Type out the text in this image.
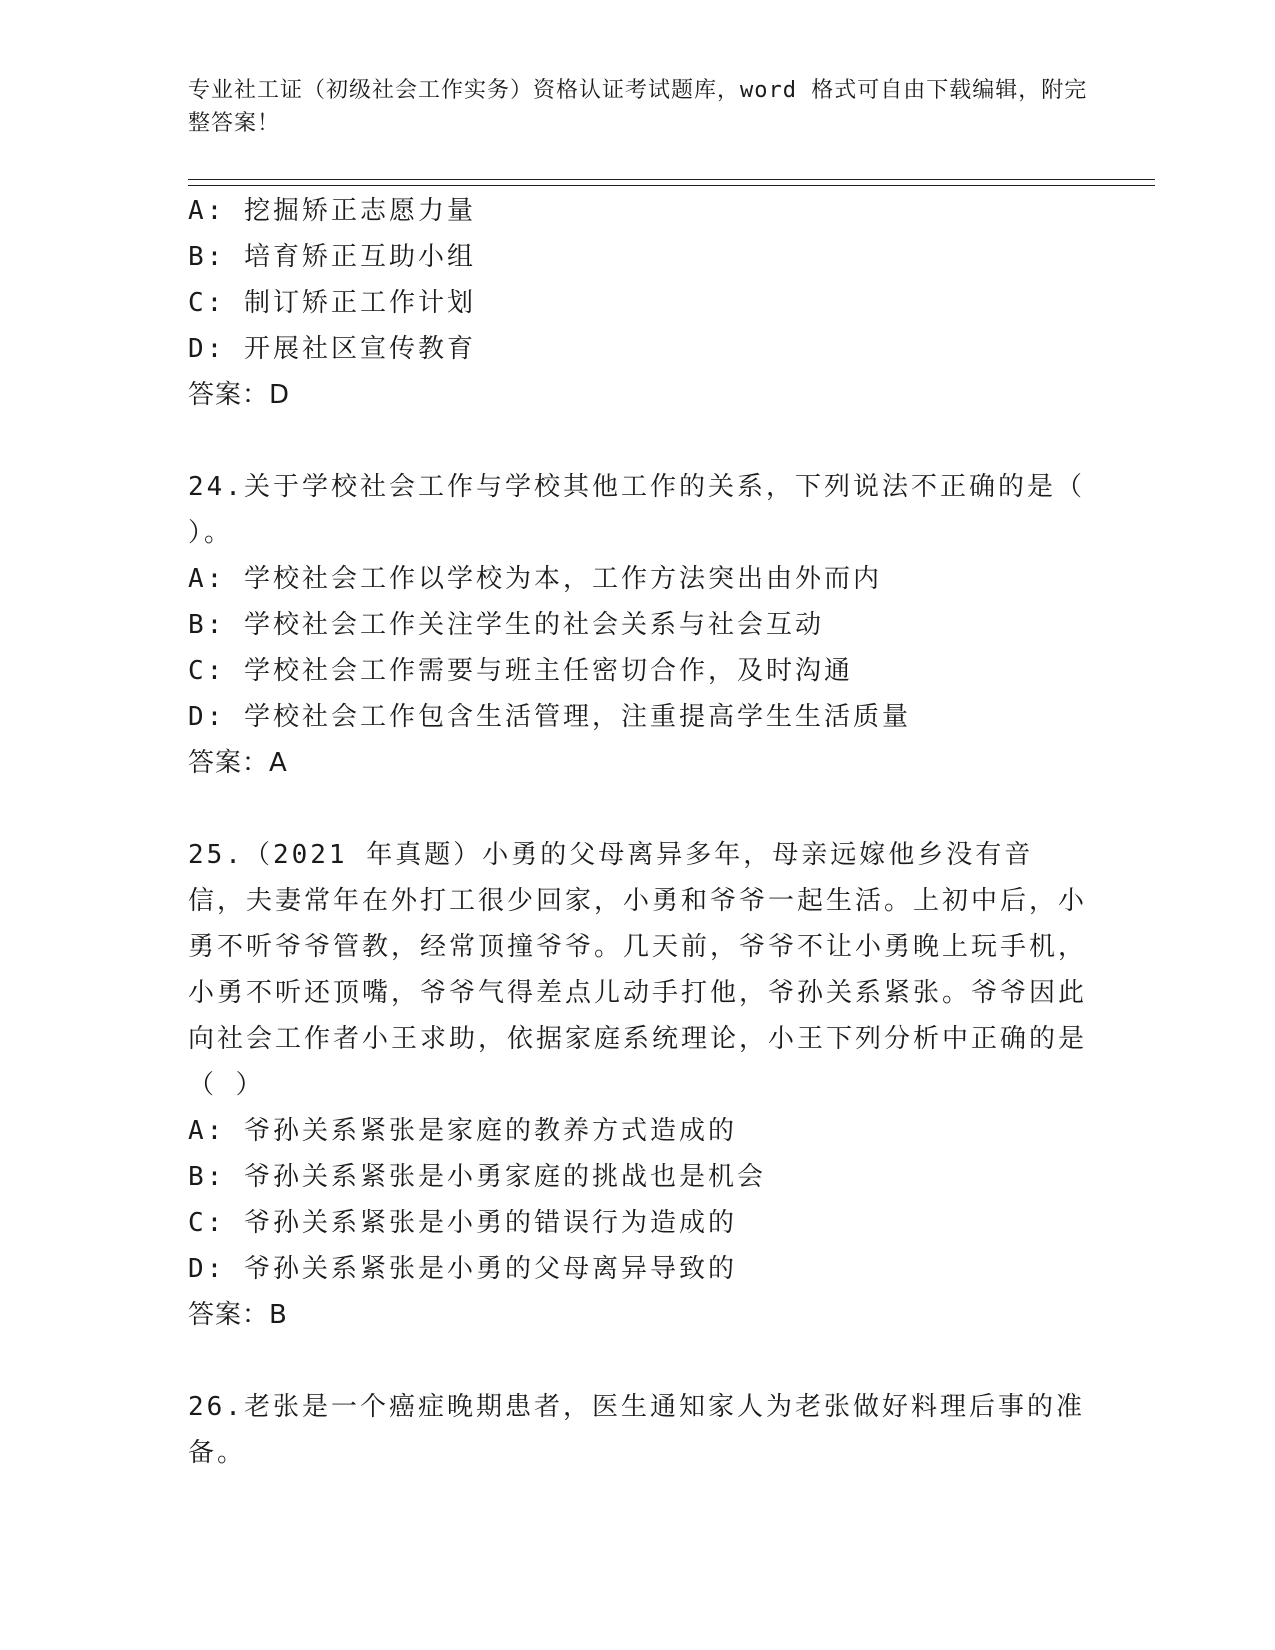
专业社工证（初级社会工作实务）资格认证考试题库，word 格式可自由下载编辑，附完整答案！
A: 挖掘矫正志愿力量
B: 培育矫正互助小组
C: 制订矫正工作计划
D: 开展社区宣传教育
答案：D
24.关于学校社会工作与学校其他工作的关系，下列说法不正确的是（ ）。
A: 学校社会工作以学校为本，工作方法突出由外而内
B: 学校社会工作关注学生的社会关系与社会互动
C: 学校社会工作需要与班主任密切合作，及时沟通
D: 学校社会工作包含生活管理，注重提高学生生活质量
答案：A
25.（2021 年真题）小勇的父母离异多年，母亲远嫁他乡没有音信，夫妻常年在外打工很少回家，小勇和爷爷一起生活。上初中后，小勇不听爷爷管教，经常顶撞爷爷。几天前，爷爷不让小勇晚上玩手机，小勇不听还顶嘴，爷爷气得差点儿动手打他，爷孙关系紧张。爷爷因此向社会工作者小王求助，依据家庭系统理论，小王下列分析中正确的是（ ）
A: 爷孙关系紧张是家庭的教养方式造成的
B: 爷孙关系紧张是小勇家庭的挑战也是机会
C: 爷孙关系紧张是小勇的错误行为造成的
D: 爷孙关系紧张是小勇的父母离异导致的
答案：B
26.老张是一个癌症晚期患者，医生通知家人为老张做好料理后事的准备。
